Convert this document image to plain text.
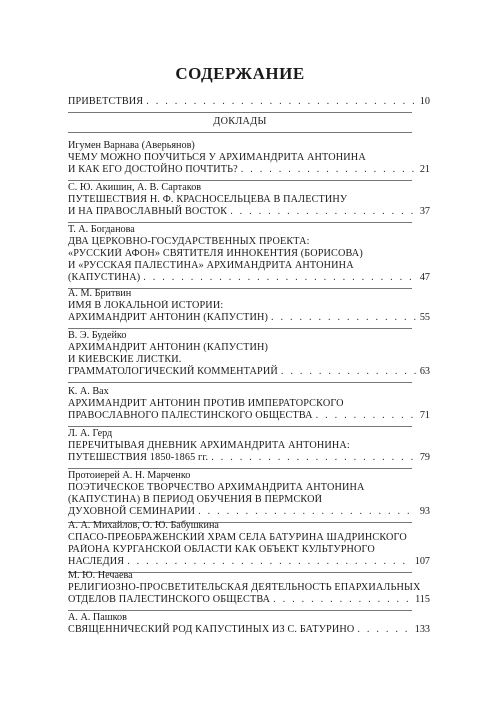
СОДЕРЖАНИЕ
ПРИВЕТСТВИЯ . . .	10
ДОКЛАДЫ
Игумен Варнава (Аверьянов)
ЧЕМУ МОЖНО ПОУЧИТЬСЯ У АРХИМАНДРИТА АНТОНИНА
И КАК ЕГО ДОСТОЙНО ПОЧТИТЬ? . . .	21
С. Ю. Акишин, А. В. Сартаков
ПУТЕШЕСТВИЯ Н. Ф. КРАСНОСЕЛЬЦЕВА В ПАЛЕСТИНУ
И НА ПРАВОСЛАВНЫЙ ВОСТОК . . .	37
Т. А. Богданова
ДВА ЦЕРКОВНО-ГОСУДАРСТВЕННЫХ ПРОЕКТА:
«РУССКИЙ АФОН» СВЯТИТЕЛЯ ИННОКЕНТИЯ (БОРИСОВА)
И «РУССКАЯ ПАЛЕСТИНА» АРХИМАНДРИТА АНТОНИНА
(КАПУСТИНА) . . .	47
А. М. Бритвин
ИМЯ В ЛОКАЛЬНОЙ ИСТОРИИ:
АРХИМАНДРИТ АНТОНИН (КАПУСТИН) . . .	55
В. Э. Будейко
АРХИМАНДРИТ АНТОНИН (КАПУСТИН)
И КИЕВСКИЕ ЛИСТКИ.
ГРАММАТОЛОГИЧЕСКИЙ КОММЕНТАРИЙ . . .	63
К. А. Вах
АРХИМАНДРИТ АНТОНИН ПРОТИВ ИМПЕРАТОРСКОГО
ПРАВОСЛАВНОГО ПАЛЕСТИНСКОГО ОБЩЕСТВА . . .	71
Л. А. Герд
ПЕРЕЧИТЫВАЯ ДНЕВНИК АРХИМАНДРИТА АНТОНИНА:
ПУТЕШЕСТВИЯ 1850-1865 гг. . . .	79
Протоиерей А. Н. Марченко
ПОЭТИЧЕСКОЕ ТВОРЧЕСТВО АРХИМАНДРИТА АНТОНИНА
(КАПУСТИНА) В ПЕРИОД ОБУЧЕНИЯ В ПЕРМСКОЙ
ДУХОВНОЙ СЕМИНАРИИ . . .	93
А. А. Михайлов, О. Ю. Бабушкина
СПАСО-ПРЕОБРАЖЕНСКИЙ ХРАМ СЕЛА БАТУРИНА ШАДРИНСКОГО
РАЙОНА КУРГАНСКОЙ ОБЛАСТИ КАК ОБЪЕКТ КУЛЬТУРНОГО
НАСЛЕДИЯ . . .	107
М. Ю. Нечаева
РЕЛИГИОЗНО-ПРОСВЕТИТЕЛЬСКАЯ ДЕЯТЕЛЬНОСТЬ ЕПАРХИАЛЬНЫХ
ОТДЕЛОВ ПАЛЕСТИНСКОГО ОБЩЕСТВА . . .	115
А. А. Пашков
СВЯЩЕННИЧЕСКИЙ РОД КАПУСТИНЫХ ИЗ С. БАТУРИНО . . .	133
